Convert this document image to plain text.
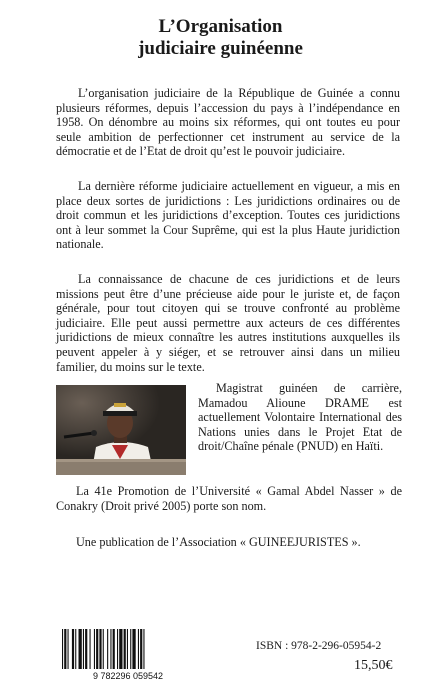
L’Organisation
judiciaire guinéenne

L’organisation judiciaire de la République de Guinée a connu plusieurs réformes, depuis l’accession du pays à l’indépendance en 1958. On dénombre au moins six réformes, qui ont toutes eu pour seule ambition de perfectionner cet instrument au service de la démocratie et de l’Etat de droit qu’est le pouvoir judiciaire.

La dernière réforme judiciaire actuellement en vigueur, a mis en place deux sortes de juridictions : Les juridictions ordinaires ou de droit commun et les juridictions d’exception. Toutes ces juridictions ont à leur sommet la Cour Suprême, qui est la plus Haute juridiction nationale.

La connaissance de chacune de ces juridictions et de leurs missions peut être d’une précieuse aide pour le juriste et, de façon générale, pour tout citoyen qui se trouve confronté au problème judiciaire. Elle peut aussi permettre aux acteurs de ces différentes juridictions de mieux connaître les autres institutions auxquelles ils peuvent appeler à y siéger, et se retrouver ainsi dans un milieu familier, du moins sur le texte.

Magistrat guinéen de carrière, Mamadou Alioune DRAME est actuellement Volontaire International des Nations unies dans le Projet Etat de droit/Chaîne pénale (PNUD) en Haïti.

La 41e Promotion de l’Université « Gamal Abdel Nasser » de Conakry (Droit privé 2005) porte son nom.

Une publication de l’Association « GUINEEJURISTES ».

9 782296 059542
ISBN : 978-2-296-05954-2
15,50€
